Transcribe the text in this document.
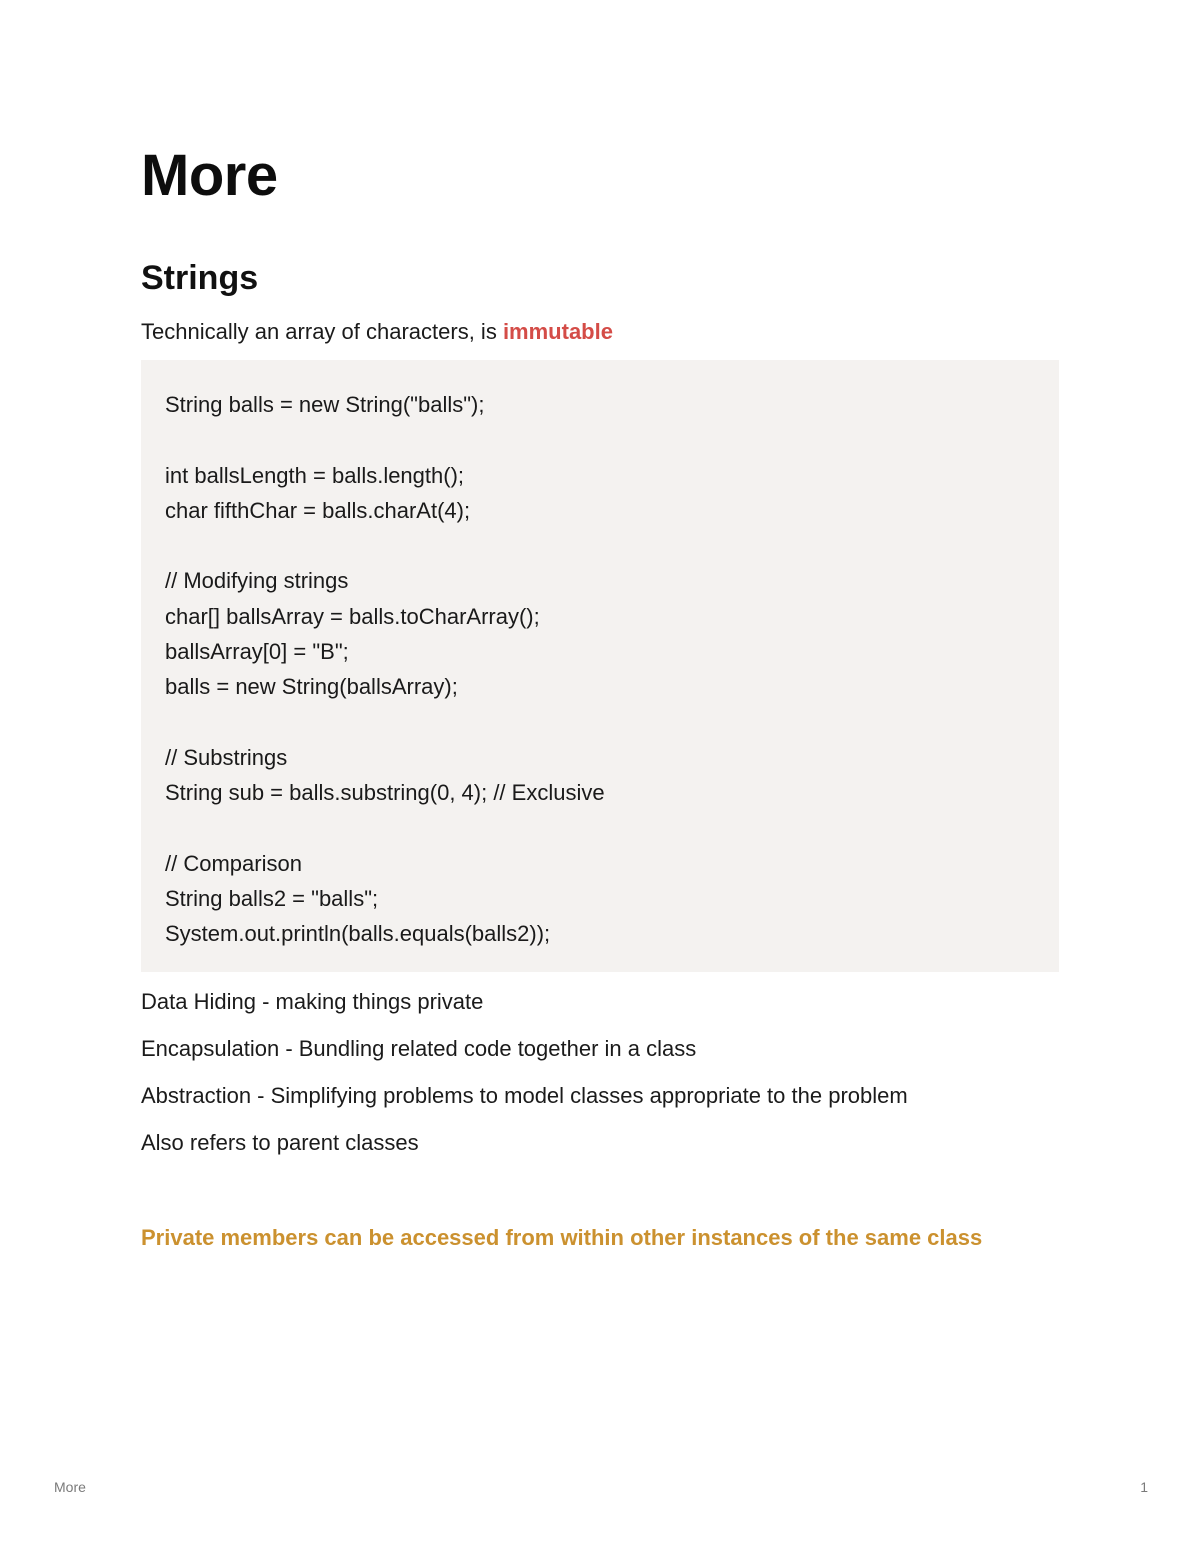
More
Strings

Technically an array of characters, is immutable

String balls = new String("balls");
int ballsLength = balls.length();
char fifthChar = balls.charAt(4);
// Modifying strings
char[] ballsArray = balls.toCharArray();
ballsArray[0] = "B";
balls = new String(ballsArray);
// Substrings
String sub = balls.substring(0, 4); // Exclusive
// Comparison
String balls2 = "balls";
System.out.println(balls.equals(balls2));

Data Hiding - making things private

Encapsulation - Bundling related code together in a class

Abstraction - Simplifying problems to model classes appropriate to the problem

Also refers to parent classes

Private members can be accessed from within other instances of the same class

More	1
